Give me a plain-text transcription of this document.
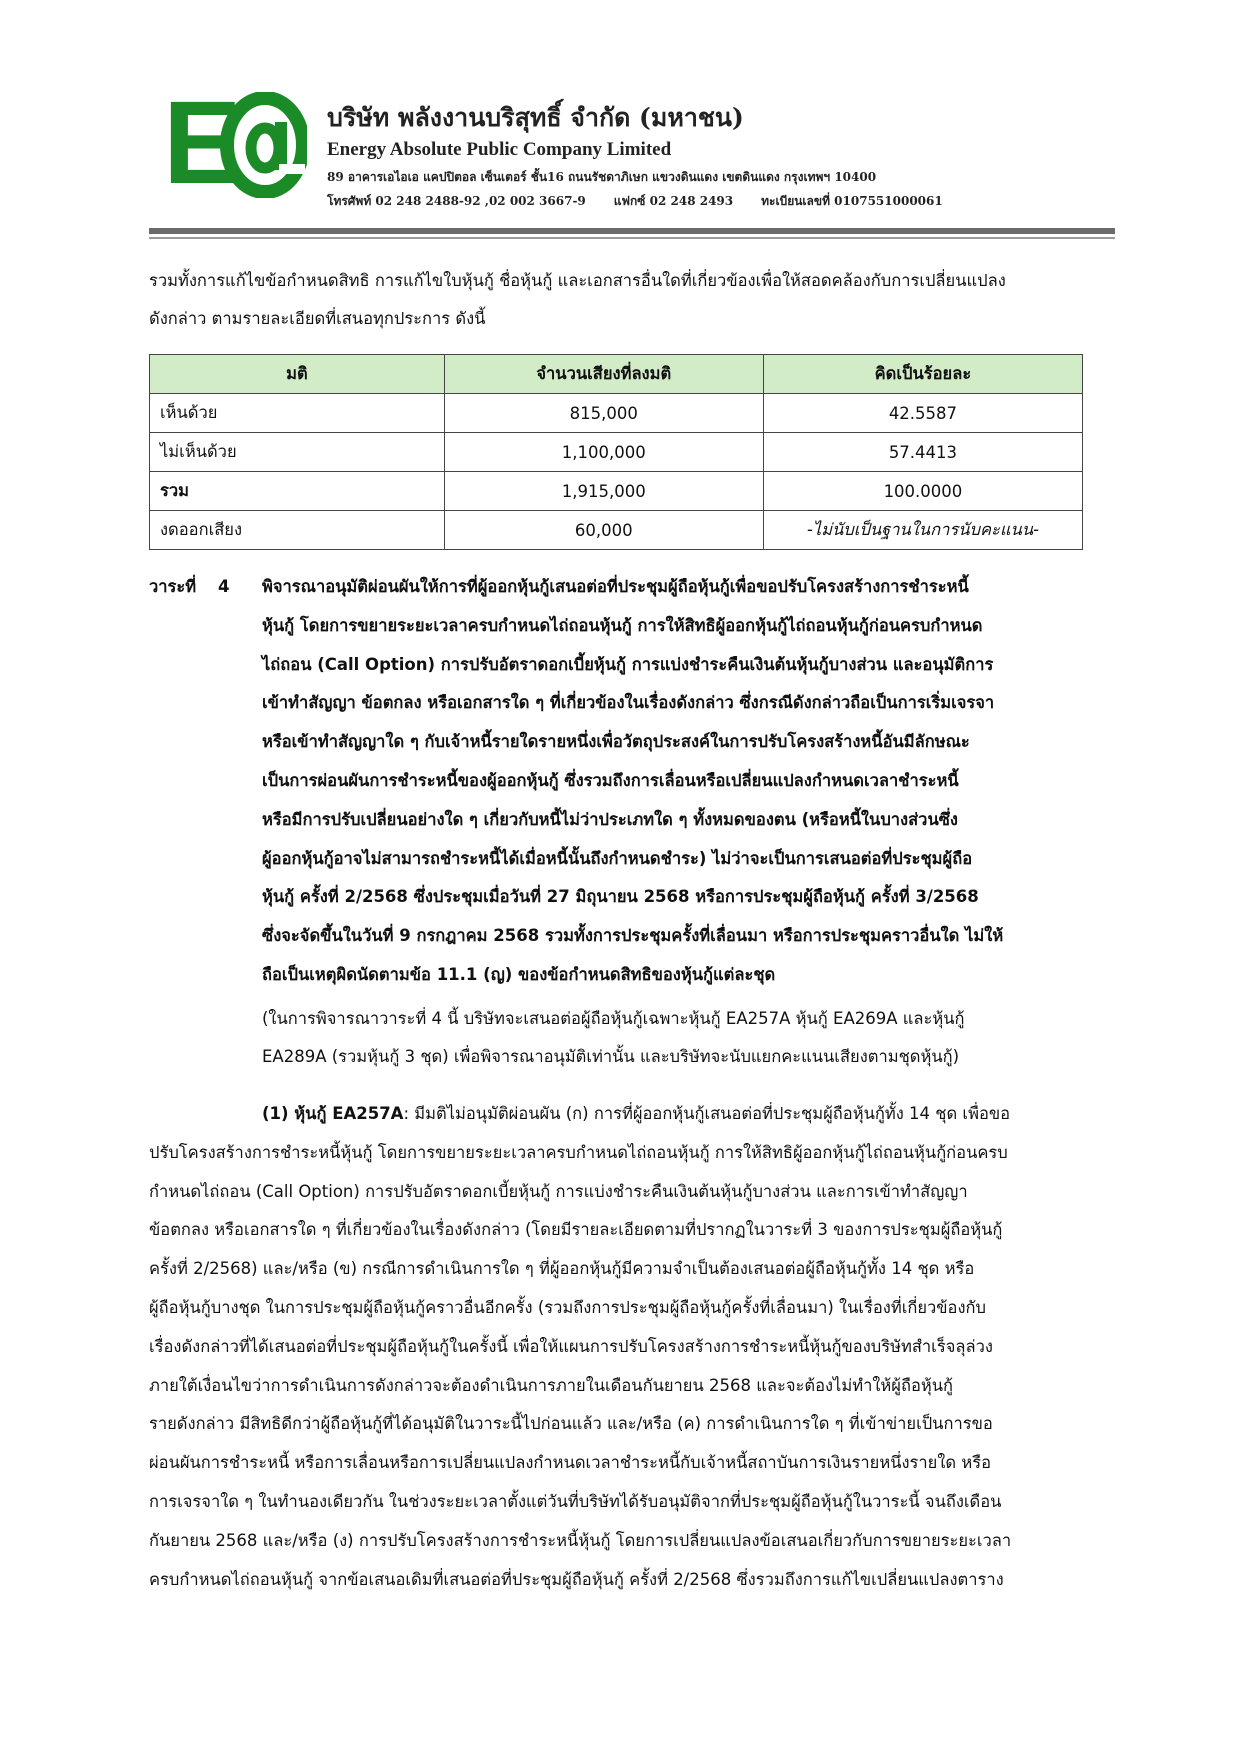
E	บริษัท พลังงานบริสุทธิ์ จำกัด (มหาชน)
Energy Absolute Public Company Limited
89 อาคารเอไอเอ แคปปิตอล เซ็นเตอร์ ชั้น16 ถนนรัชดาภิเษก แขวงดินแดง เขตดินแดง กรุงเทพฯ 10400
โทรศัพท์ 02 248 2488-92 ,02 002 3667-9 แฟกซ์ 02 248 2493 ทะเบียนเลขที่ 0107551000061
รวมทั้งการแก้ไขข้อกำหนดสิทธิ การแก้ไขใบหุ้นกู้ ชื่อหุ้นกู้ และเอกสารอื่นใดที่เกี่ยวข้องเพื่อให้สอดคล้องกับการเปลี่ยนแปลง
ดังกล่าว ตามรายละเอียดที่เสนอทุกประการ ดังนี้
มติ	จำนวนเสียงที่ลงมติ	คิดเป็นร้อยละ
เห็นด้วย	815,000	42.5587
ไม่เห็นด้วย	1,100,000	57.4413
รวม	1,915,000	100.0000
งดออกเสียง	60,000	-ไม่นับเป็นฐานในการนับคะแนน-
วาระที่ 4 พิจารณาอนุมัติผ่อนผันให้การที่ผู้ออกหุ้นกู้เสนอต่อที่ประชุมผู้ถือหุ้นกู้เพื่อขอปรับโครงสร้างการชำระหนี้
หุ้นกู้ โดยการขยายระยะเวลาครบกำหนดไถ่ถอนหุ้นกู้ การให้สิทธิผู้ออกหุ้นกู้ไถ่ถอนหุ้นกู้ก่อนครบกำหนด
ไถ่ถอน (Call Option) การปรับอัตราดอกเบี้ยหุ้นกู้ การแบ่งชำระคืนเงินต้นหุ้นกู้บางส่วน และอนุมัติการ
เข้าทำสัญญา ข้อตกลง หรือเอกสารใด ๆ ที่เกี่ยวข้องในเรื่องดังกล่าว ซึ่งกรณีดังกล่าวถือเป็นการเริ่มเจรจา
หรือเข้าทำสัญญาใด ๆ กับเจ้าหนี้รายใดรายหนึ่งเพื่อวัตถุประสงค์ในการปรับโครงสร้างหนี้อันมีลักษณะ
เป็นการผ่อนผันการชำระหนี้ของผู้ออกหุ้นกู้ ซึ่งรวมถึงการเลื่อนหรือเปลี่ยนแปลงกำหนดเวลาชำระหนี้
หรือมีการปรับเปลี่ยนอย่างใด ๆ เกี่ยวกับหนี้ไม่ว่าประเภทใด ๆ ทั้งหมดของตน (หรือหนี้ในบางส่วนซึ่ง
ผู้ออกหุ้นกู้อาจไม่สามารถชำระหนี้ได้เมื่อหนี้นั้นถึงกำหนดชำระ) ไม่ว่าจะเป็นการเสนอต่อที่ประชุมผู้ถือ
หุ้นกู้ ครั้งที่ 2/2568 ซึ่งประชุมเมื่อวันที่ 27 มิถุนายน 2568 หรือการประชุมผู้ถือหุ้นกู้ ครั้งที่ 3/2568
ซึ่งจะจัดขึ้นในวันที่ 9 กรกฎาคม 2568 รวมทั้งการประชุมครั้งที่เลื่อนมา หรือการประชุมคราวอื่นใด ไม่ให้
ถือเป็นเหตุผิดนัดตามข้อ 11.1 (ญ) ของข้อกำหนดสิทธิของหุ้นกู้แต่ละชุด
(ในการพิจารณาวาระที่ 4 นี้ บริษัทจะเสนอต่อผู้ถือหุ้นกู้เฉพาะหุ้นกู้ EA257A หุ้นกู้ EA269A และหุ้นกู้
EA289A (รวมหุ้นกู้ 3 ชุด) เพื่อพิจารณาอนุมัติเท่านั้น และบริษัทจะนับแยกคะแนนเสียงตามชุดหุ้นกู้)
(1) หุ้นกู้ EA257A: มีมติไม่อนุมัติผ่อนผัน (ก) การที่ผู้ออกหุ้นกู้เสนอต่อที่ประชุมผู้ถือหุ้นกู้ทั้ง 14 ชุด เพื่อขอ
ปรับโครงสร้างการชำระหนี้หุ้นกู้ โดยการขยายระยะเวลาครบกำหนดไถ่ถอนหุ้นกู้ การให้สิทธิผู้ออกหุ้นกู้ไถ่ถอนหุ้นกู้ก่อนครบ
กำหนดไถ่ถอน (Call Option) การปรับอัตราดอกเบี้ยหุ้นกู้ การแบ่งชำระคืนเงินต้นหุ้นกู้บางส่วน และการเข้าทำสัญญา
ข้อตกลง หรือเอกสารใด ๆ ที่เกี่ยวข้องในเรื่องดังกล่าว (โดยมีรายละเอียดตามที่ปรากฏในวาระที่ 3 ของการประชุมผู้ถือหุ้นกู้
ครั้งที่ 2/2568) และ/หรือ (ข) กรณีการดำเนินการใด ๆ ที่ผู้ออกหุ้นกู้มีความจำเป็นต้องเสนอต่อผู้ถือหุ้นกู้ทั้ง 14 ชุด หรือ
ผู้ถือหุ้นกู้บางชุด ในการประชุมผู้ถือหุ้นกู้คราวอื่นอีกครั้ง (รวมถึงการประชุมผู้ถือหุ้นกู้ครั้งที่เลื่อนมา) ในเรื่องที่เกี่ยวข้องกับ
เรื่องดังกล่าวที่ได้เสนอต่อที่ประชุมผู้ถือหุ้นกู้ในครั้งนี้ เพื่อให้แผนการปรับโครงสร้างการชำระหนี้หุ้นกู้ของบริษัทสำเร็จลุล่วง
ภายใต้เงื่อนไขว่าการดำเนินการดังกล่าวจะต้องดำเนินการภายในเดือนกันยายน 2568 และจะต้องไม่ทำให้ผู้ถือหุ้นกู้
รายดังกล่าว มีสิทธิดีกว่าผู้ถือหุ้นกู้ที่ได้อนุมัติในวาระนี้ไปก่อนแล้ว และ/หรือ (ค) การดำเนินการใด ๆ ที่เข้าข่ายเป็นการขอ
ผ่อนผันการชำระหนี้ หรือการเลื่อนหรือการเปลี่ยนแปลงกำหนดเวลาชำระหนี้กับเจ้าหนี้สถาบันการเงินรายหนึ่งรายใด หรือ
การเจรจาใด ๆ ในทำนองเดียวกัน ในช่วงระยะเวลาตั้งแต่วันที่บริษัทได้รับอนุมัติจากที่ประชุมผู้ถือหุ้นกู้ในวาระนี้ จนถึงเดือน
กันยายน 2568 และ/หรือ (ง) การปรับโครงสร้างการชำระหนี้หุ้นกู้ โดยการเปลี่ยนแปลงข้อเสนอเกี่ยวกับการขยายระยะเวลา
ครบกำหนดไถ่ถอนหุ้นกู้ จากข้อเสนอเดิมที่เสนอต่อที่ประชุมผู้ถือหุ้นกู้ ครั้งที่ 2/2568 ซึ่งรวมถึงการแก้ไขเปลี่ยนแปลงตาราง
